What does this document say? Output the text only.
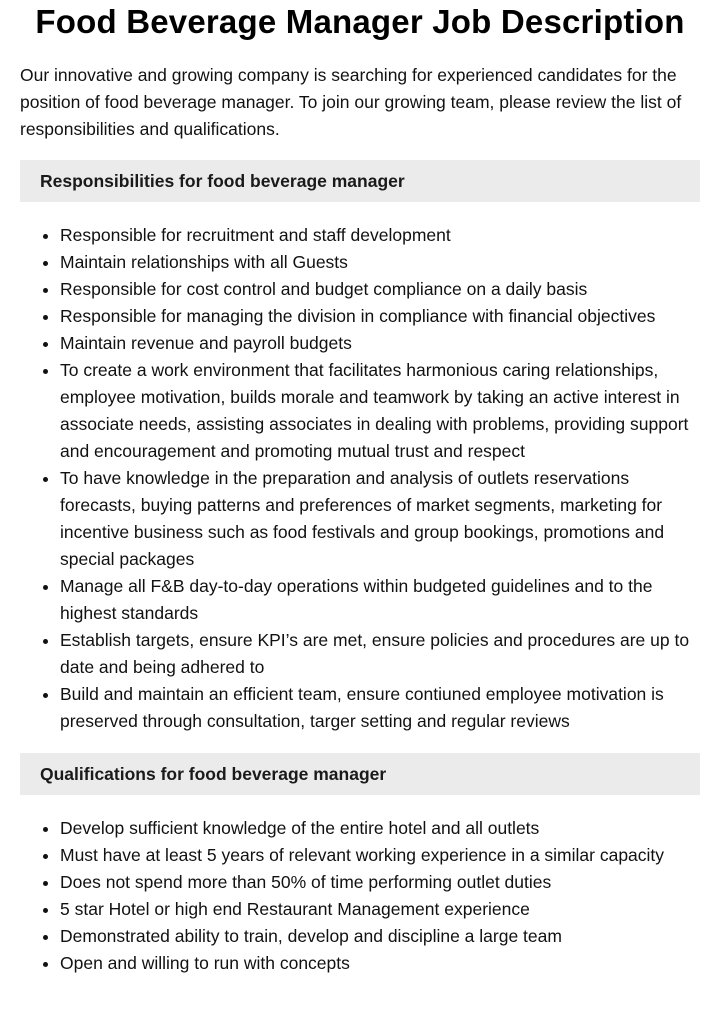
Food Beverage Manager Job Description

Our innovative and growing company is searching for experienced candidates for the position of food beverage manager. To join our growing team, please review the list of responsibilities and qualifications.

Responsibilities for food beverage manager
• Responsible for recruitment and staff development
• Maintain relationships with all Guests
• Responsible for cost control and budget compliance on a daily basis
• Responsible for managing the division in compliance with financial objectives
• Maintain revenue and payroll budgets
• To create a work environment that facilitates harmonious caring relationships, employee motivation, builds morale and teamwork by taking an active interest in associate needs, assisting associates in dealing with problems, providing support and encouragement and promoting mutual trust and respect
• To have knowledge in the preparation and analysis of outlets reservations forecasts, buying patterns and preferences of market segments, marketing for incentive business such as food festivals and group bookings, promotions and special packages
• Manage all F&B day-to-day operations within budgeted guidelines and to the highest standards
• Establish targets, ensure KPI’s are met, ensure policies and procedures are up to date and being adhered to
• Build and maintain an efficient team, ensure contiuned employee motivation is preserved through consultation, targer setting and regular reviews
Qualifications for food beverage manager
• Develop sufficient knowledge of the entire hotel and all outlets
• Must have at least 5 years of relevant working experience in a similar capacity
• Does not spend more than 50% of time performing outlet duties
• 5 star Hotel or high end Restaurant Management experience
• Demonstrated ability to train, develop and discipline a large team
• Open and willing to run with concepts
